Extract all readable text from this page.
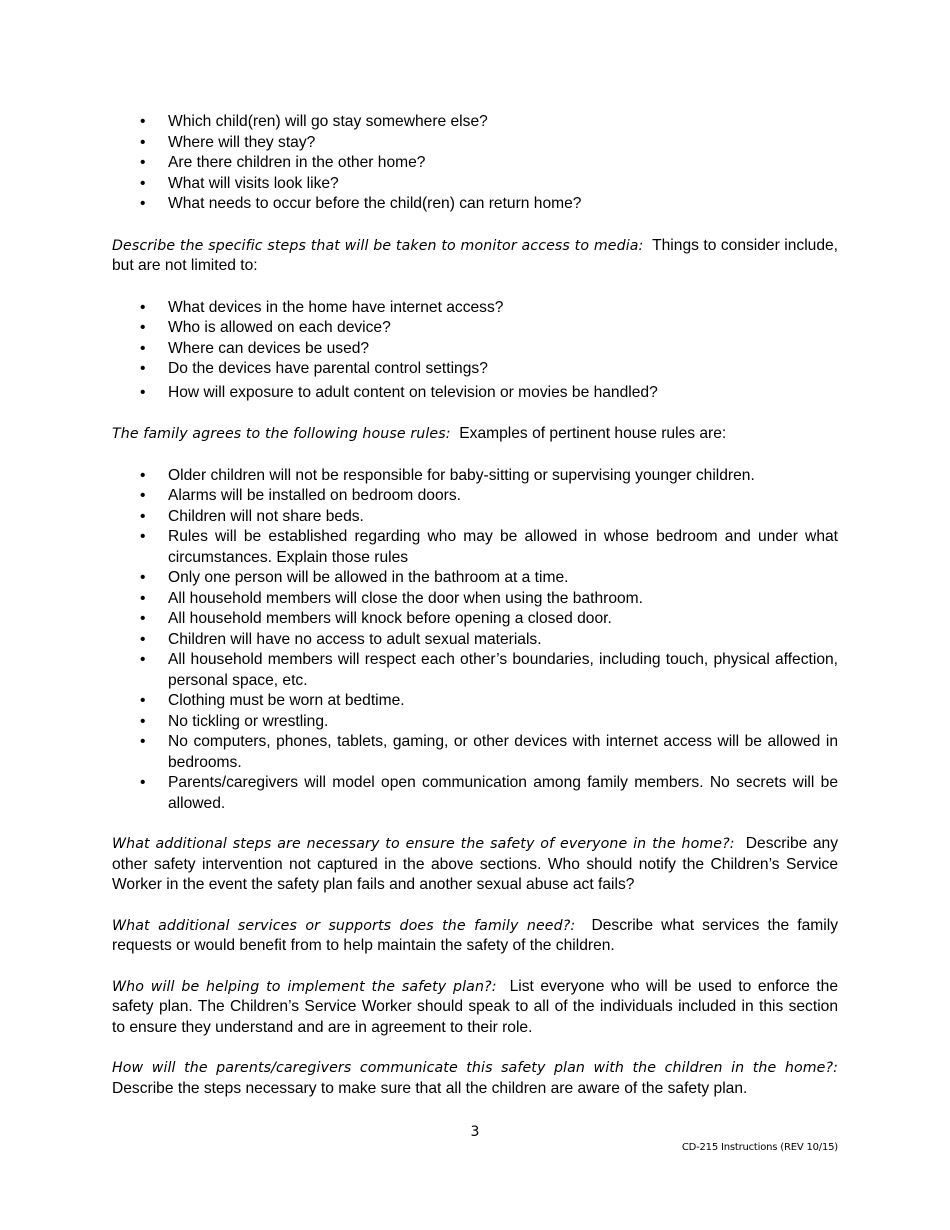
• Which child(ren) will go stay somewhere else?
• Where will they stay?
• Are there children in the other home?
• What will visits look like?
• What needs to occur before the child(ren) can return home?

Describe the specific steps that will be taken to monitor access to media: Things to consider include, but are not limited to:

• What devices in the home have internet access?
• Who is allowed on each device?
• Where can devices be used?
• Do the devices have parental control settings?
• How will exposure to adult content on television or movies be handled?

The family agrees to the following house rules: Examples of pertinent house rules are:

• Older children will not be responsible for baby-sitting or supervising younger children.
• Alarms will be installed on bedroom doors.
• Children will not share beds.
• Rules will be established regarding who may be allowed in whose bedroom and under what circumstances. Explain those rules
• Only one person will be allowed in the bathroom at a time.
• All household members will close the door when using the bathroom.
• All household members will knock before opening a closed door.
• Children will have no access to adult sexual materials.
• All household members will respect each other’s boundaries, including touch, physical affection, personal space, etc.
• Clothing must be worn at bedtime.
• No tickling or wrestling.
• No computers, phones, tablets, gaming, or other devices with internet access will be allowed in bedrooms.
• Parents/caregivers will model open communication among family members. No secrets will be allowed.

What additional steps are necessary to ensure the safety of everyone in the home?: Describe any other safety intervention not captured in the above sections. Who should notify the Children’s Service Worker in the event the safety plan fails and another sexual abuse act fails?

What additional services or supports does the family need?: Describe what services the family requests or would benefit from to help maintain the safety of the children.

Who will be helping to implement the safety plan?: List everyone who will be used to enforce the safety plan. The Children’s Service Worker should speak to all of the individuals included in this section to ensure they understand and are in agreement to their role.

How will the parents/caregivers communicate this safety plan with the children in the home?: Describe the steps necessary to make sure that all the children are aware of the safety plan.

3
CD-215 Instructions (REV 10/15)
